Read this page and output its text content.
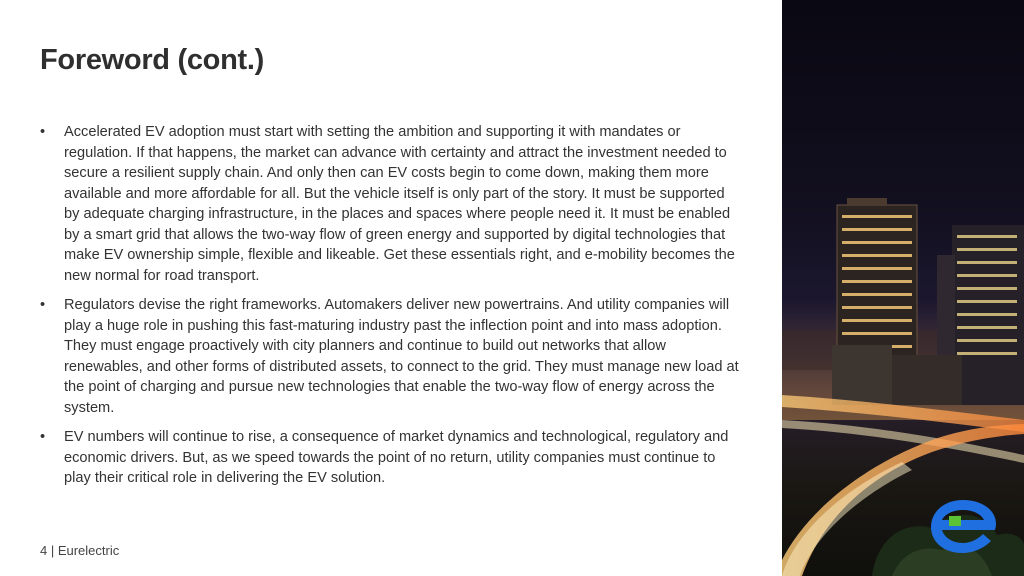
Foreword (cont.)
• Accelerated EV adoption must start with setting the ambition and supporting it with mandates or regulation. If that happens, the market can advance with certainty and attract the investment needed to secure a resilient supply chain. And only then can EV costs begin to come down, making them more available and more affordable for all. But the vehicle itself is only part of the story. It must be supported by adequate charging infrastructure, in the places and spaces where people need it. It must be enabled by a smart grid that allows the two-way flow of green energy and supported by digital technologies that make EV ownership simple, flexible and likeable. Get these essentials right, and e-mobility becomes the new normal for road transport.
• Regulators devise the right frameworks. Automakers deliver new powertrains. And utility companies will play a huge role in pushing this fast-maturing industry past the inflection point and into mass adoption. They must engage proactively with city planners and continue to build out networks that allow renewables, and other forms of distributed assets, to connect to the grid. They must manage new load at the point of charging and pursue new technologies that enable the two-way flow of energy across the system.
• EV numbers will continue to rise, a consequence of market dynamics and technological, regulatory and economic drivers. But, as we speed towards the point of no return, utility companies must continue to play their critical role in delivering the EV solution.
4 | Eurelectric
